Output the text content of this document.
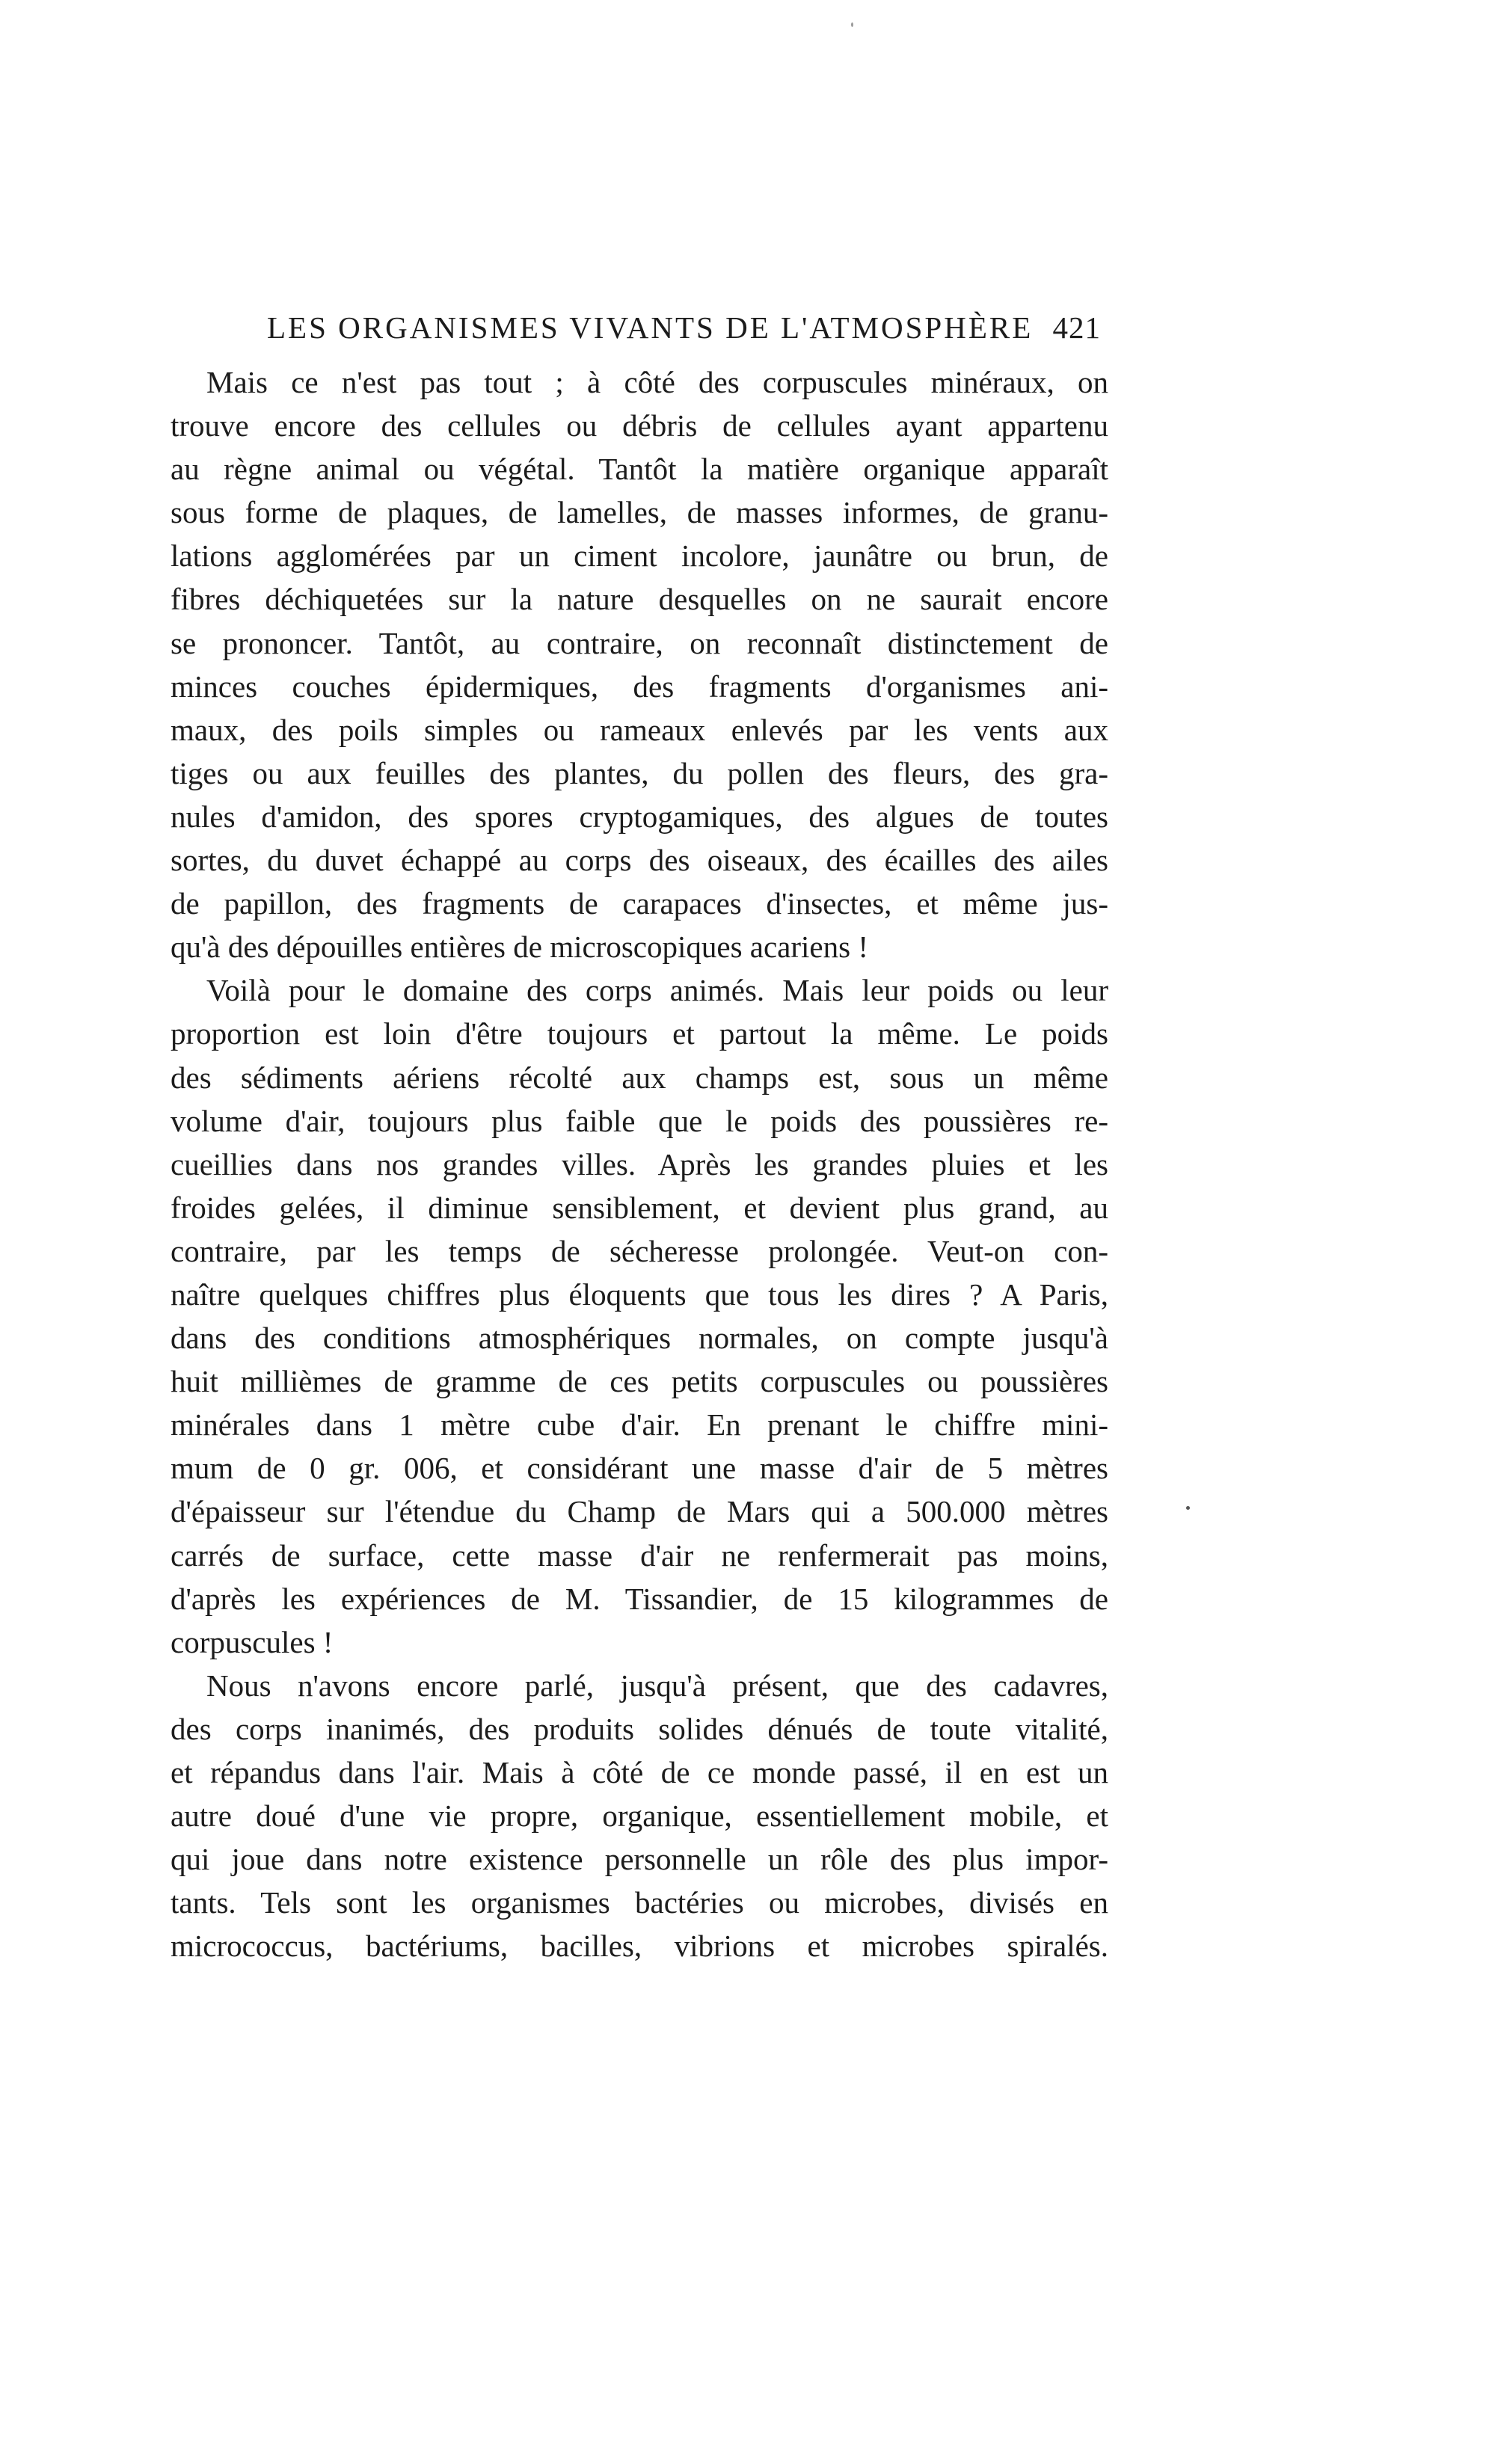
LES ORGANISMES VIVANTS DE L'ATMOSPHÈRE 421

Mais ce n'est pas tout ; à côté des corpuscules minéraux, on
trouve encore des cellules ou débris de cellules ayant appartenu
au règne animal ou végétal. Tantôt la matière organique apparaît
sous forme de plaques, de lamelles, de masses informes, de granu-
lations agglomérées par un ciment incolore, jaunâtre ou brun, de
fibres déchiquetées sur la nature desquelles on ne saurait encore
se prononcer. Tantôt, au contraire, on reconnaît distinctement de
minces couches épidermiques, des fragments d'organismes ani-
maux, des poils simples ou rameaux enlevés par les vents aux
tiges ou aux feuilles des plantes, du pollen des fleurs, des gra-
nules d'amidon, des spores cryptogamiques, des algues de toutes
sortes, du duvet échappé au corps des oiseaux, des écailles des ailes
de papillon, des fragments de carapaces d'insectes, et même jus-
qu'à des dépouilles entières de microscopiques acariens !

Voilà pour le domaine des corps animés. Mais leur poids ou leur
proportion est loin d'être toujours et partout la même. Le poids
des sédiments aériens récolté aux champs est, sous un même
volume d'air, toujours plus faible que le poids des poussières re-
cueillies dans nos grandes villes. Après les grandes pluies et les
froides gelées, il diminue sensiblement, et devient plus grand, au
contraire, par les temps de sécheresse prolongée. Veut-on con-
naître quelques chiffres plus éloquents que tous les dires ? A Paris,
dans des conditions atmosphériques normales, on compte jusqu'à
huit millièmes de gramme de ces petits corpuscules ou poussières
minérales dans 1 mètre cube d'air. En prenant le chiffre mini-
mum de 0 gr. 006, et considérant une masse d'air de 5 mètres
d'épaisseur sur l'étendue du Champ de Mars qui a 500.000 mètres
carrés de surface, cette masse d'air ne renfermerait pas moins,
d'après les expériences de M. Tissandier, de 15 kilogrammes de
corpuscules !

Nous n'avons encore parlé, jusqu'à présent, que des cadavres,
des corps inanimés, des produits solides dénués de toute vitalité,
et répandus dans l'air. Mais à côté de ce monde passé, il en est un
autre doué d'une vie propre, organique, essentiellement mobile, et
qui joue dans notre existence personnelle un rôle des plus impor-
tants. Tels sont les organismes bactéries ou microbes, divisés en
micrococcus, bactériums, bacilles, vibrions et microbes spiralés.
